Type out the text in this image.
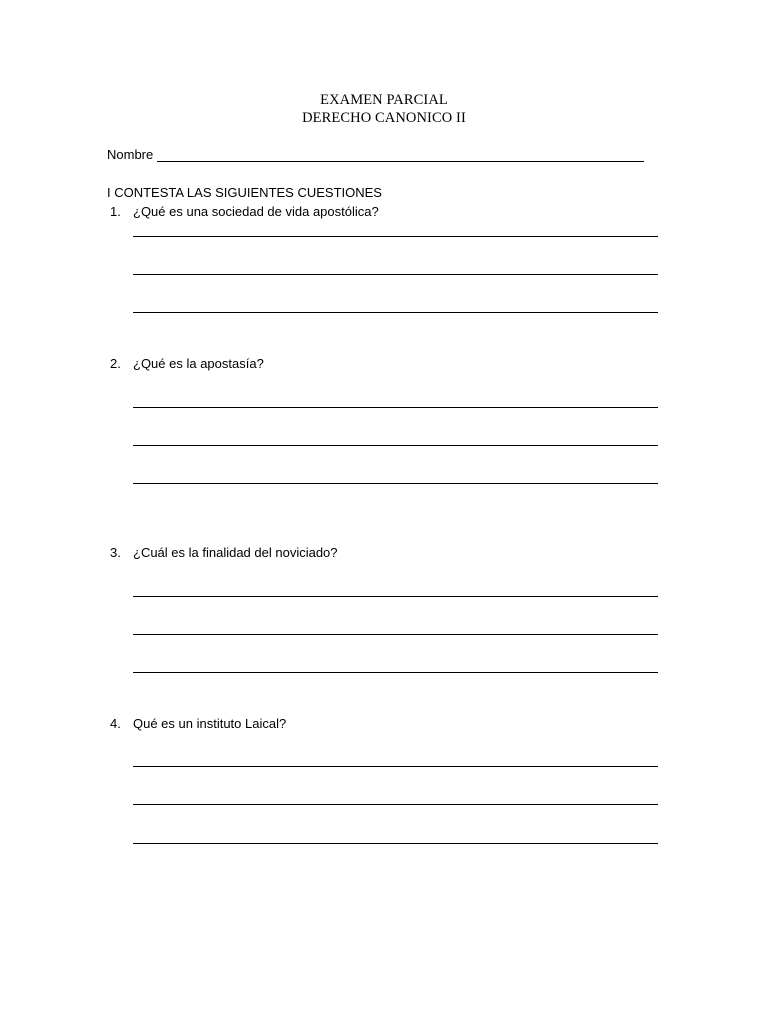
EXAMEN PARCIAL
DERECHO CANONICO II
Nombre
I CONTESTA LAS SIGUIENTES CUESTIONES
1. ¿Qué es una sociedad de vida apostólica?
2. ¿Qué es la apostasía?
3. ¿Cuál es la finalidad del noviciado?
4. Qué es un instituto Laical?
